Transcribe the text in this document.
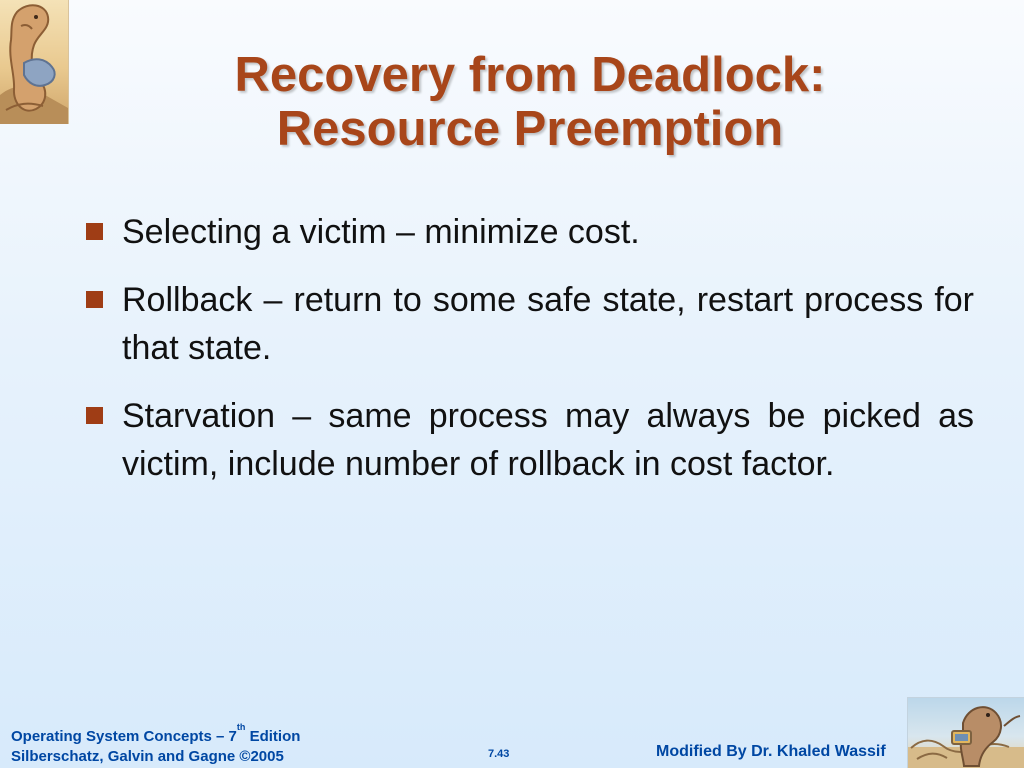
Recovery from Deadlock:
Resource Preemption
Selecting a victim – minimize cost.
Rollback – return to some safe state, restart process for that state.
Starvation – same process may always be picked as victim, include number of rollback in cost factor.
Operating System Concepts – 7th Edition
Silberschatz, Galvin and Gagne ©2005	7.43	Modified By Dr. Khaled Wassif
